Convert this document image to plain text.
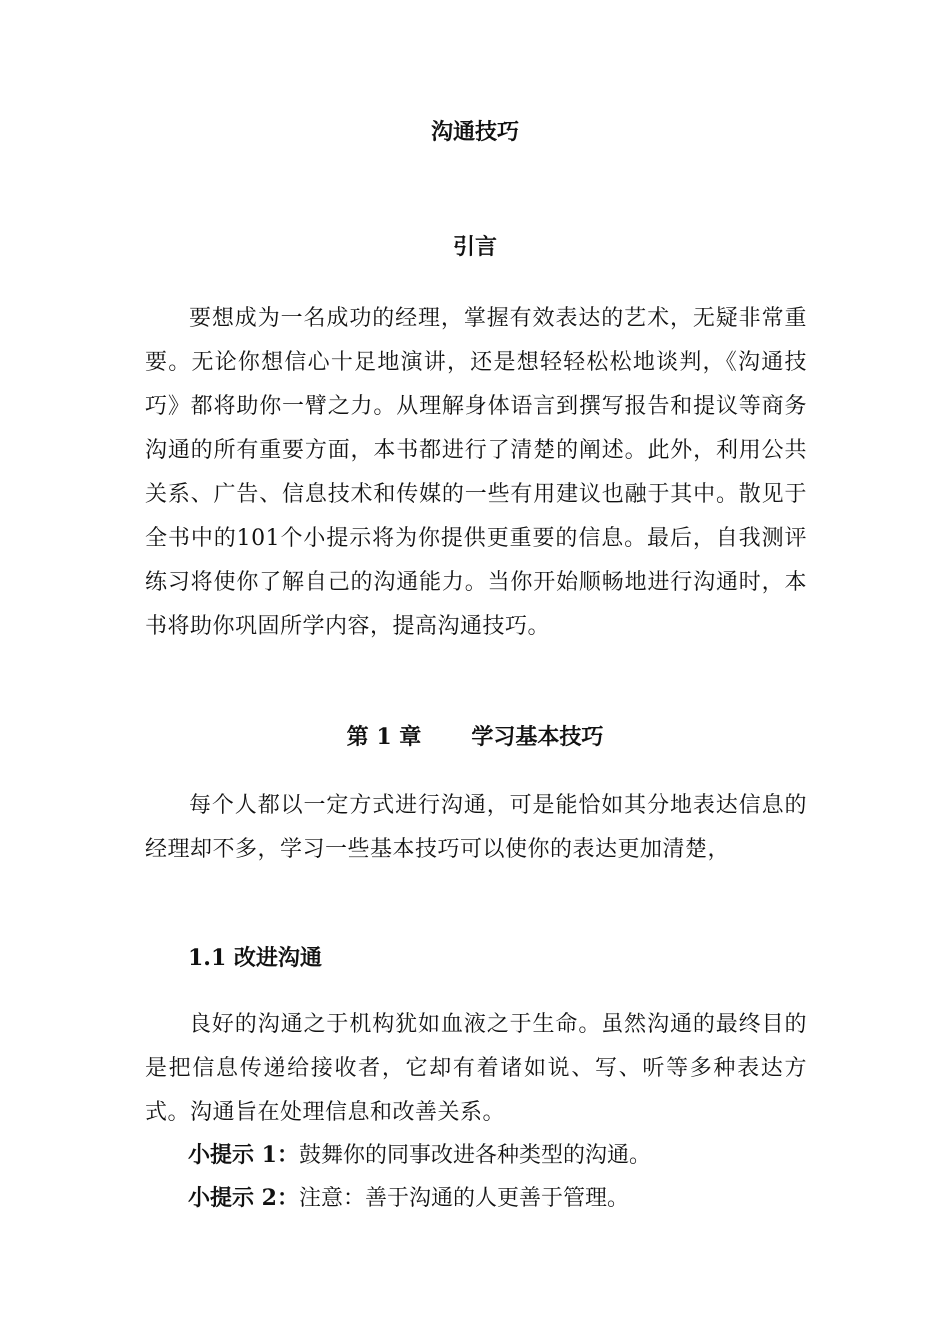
沟通技巧
引言

要想成为一名成功的经理，掌握有效表达的艺术，无疑非常重要。无论你想信心十足地演讲，还是想轻轻松松地谈判，《沟通技巧》都将助你一臂之力。从理解身体语言到撰写报告和提议等商务沟通的所有重要方面，本书都进行了清楚的阐述。此外，利用公共关系、广告、信息技术和传媒的一些有用建议也融于其中。散见于全书中的101个小提示将为你提供更重要的信息。最后，自我测评练习将使你了解自己的沟通能力。当你开始顺畅地进行沟通时，本书将助你巩固所学内容，提高沟通技巧。

第 1 章 学习基本技巧

每个人都以一定方式进行沟通，可是能恰如其分地表达信息的经理却不多，学习一些基本技巧可以使你的表达更加清楚，

1.1 改进沟通

良好的沟通之于机构犹如血液之于生命。虽然沟通的最终目的是把信息传递给接收者，它却有着诸如说、写、听等多种表达方式。沟通旨在处理信息和改善关系。

小提示 1：鼓舞你的同事改进各种类型的沟通。

小提示 2：注意：善于沟通的人更善于管理。
